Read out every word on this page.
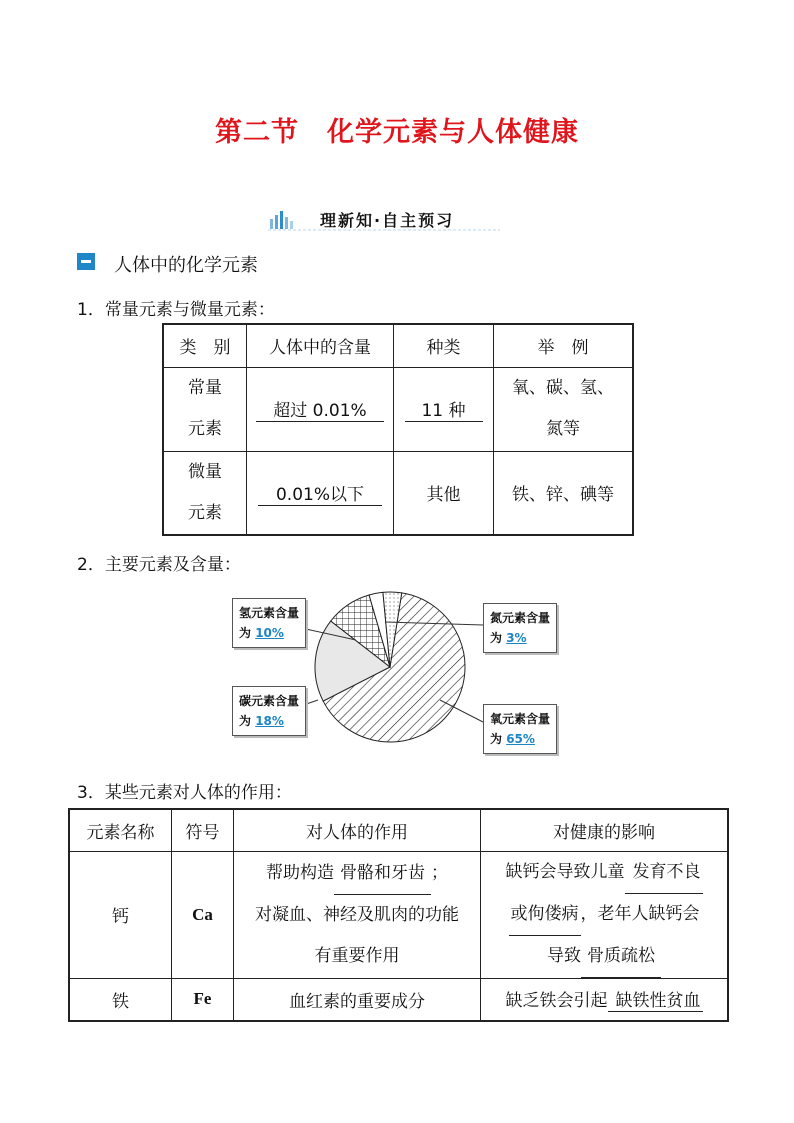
第二节　化学元素与人体健康
理新知·自主预习
人体中的化学元素
1．常量元素与微量元素：
类　别	人体中的含量	种类	举　例
常量
元素	超过 0.01%	11 种	氧、碳、氢、
氮等
微量
元素	0.01%以下	其他	铁、锌、碘等
2．主要元素及含量：
氢元素含量
为 10%
氮元素含量
为 3%
碳元素含量
为 18%	氧元素含量
为 65%
3．某些元素对人体的作用：
元素名称	符号	对人体的作用	对健康的影响
钙	Ca	帮助构造 骨骼和牙齿 ；
对凝血、神经及肌肉的功能
有重要作用	缺钙会导致儿童 发育不良
或佝偻病 ，老年人缺钙会
导致 骨质疏松
铁	Fe	血红素的重要成分	缺乏铁会引起 缺铁性贫血
